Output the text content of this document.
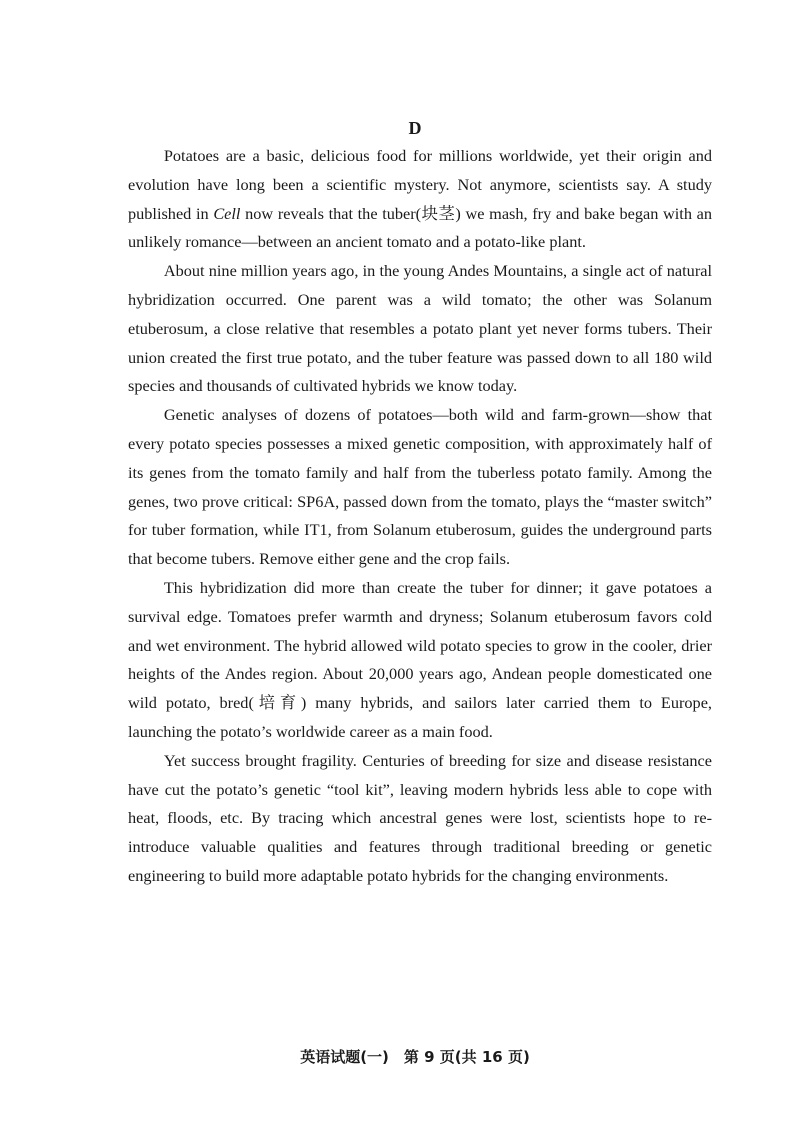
D

Potatoes are a basic, delicious food for millions worldwide, yet their origin and evolution have long been a scientific mystery. Not anymore, scientists say. A study published in Cell now reveals that the tuber(块茎) we mash, fry and bake began with an unlikely romance—between an ancient tomato and a potato-like plant.

About nine million years ago, in the young Andes Mountains, a single act of natural hybridization occurred. One parent was a wild tomato; the other was Solanum etuberosum, a close relative that resembles a potato plant yet never forms tubers. Their union created the first true potato, and the tuber feature was passed down to all 180 wild species and thousands of cultivated hybrids we know today.

Genetic analyses of dozens of potatoes—both wild and farm-grown—show that every potato species possesses a mixed genetic composition, with approximately half of its genes from the tomato family and half from the tuberless potato family. Among the genes, two prove critical: SP6A, passed down from the tomato, plays the “master switch” for tuber formation, while IT1, from Solanum etuberosum, guides the underground parts that become tubers. Remove either gene and the crop fails.

This hybridization did more than create the tuber for dinner; it gave potatoes a survival edge. Tomatoes prefer warmth and dryness; Solanum etuberosum favors cold and wet environment. The hybrid allowed wild potato species to grow in the cooler, drier heights of the Andes region. About 20,000 years ago, Andean people domesticated one wild potato, bred(培育) many hybrids, and sailors later carried them to Europe, launching the potato’s worldwide career as a main food.

Yet success brought fragility. Centuries of breeding for size and disease resistance have cut the potato’s genetic “tool kit”, leaving modern hybrids less able to cope with heat, floods, etc. By tracing which ancestral genes were lost, scientists hope to re-introduce valuable qualities and features through traditional breeding or genetic engineering to build more adaptable potato hybrids for the changing environments.

英语试题(一)　第 9 页(共 16 页)
